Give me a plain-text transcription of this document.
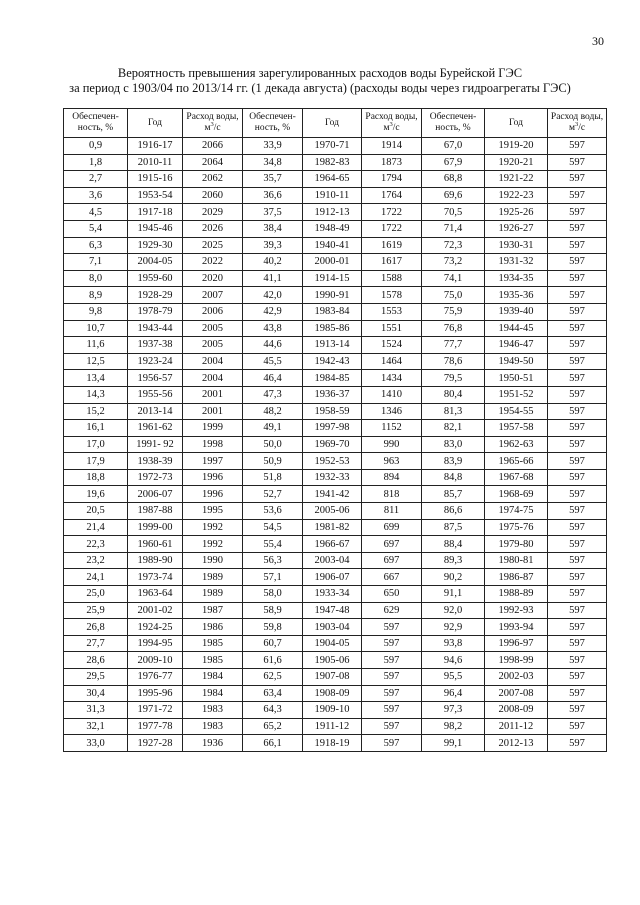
30
Вероятность превышения зарегулированных расходов воды Бурейской ГЭС
за период с 1903/04 по 2013/14 гг. (1 декада августа) (расходы воды через гидроагрегаты ГЭС)
Обеспечен-ность, %	Год	Расход воды, $м^3/с$	Обеспечен-ность, %	Год	Расход воды, $м^3/с$	Обеспечен-ность, %	Год	Расход воды, $м^3/с$
0,9	1916-17	2066	33,9	1970-71	1914	67,0	1919-20	597
1,8	2010-11	2064	34,8	1982-83	1873	67,9	1920-21	597
2,7	1915-16	2062	35,7	1964-65	1794	68,8	1921-22	597
3,6	1953-54	2060	36,6	1910-11	1764	69,6	1922-23	597
4,5	1917-18	2029	37,5	1912-13	1722	70,5	1925-26	597
5,4	1945-46	2026	38,4	1948-49	1722	71,4	1926-27	597
6,3	1929-30	2025	39,3	1940-41	1619	72,3	1930-31	597
7,1	2004-05	2022	40,2	2000-01	1617	73,2	1931-32	597
8,0	1959-60	2020	41,1	1914-15	1588	74,1	1934-35	597
8,9	1928-29	2007	42,0	1990-91	1578	75,0	1935-36	597
9,8	1978-79	2006	42,9	1983-84	1553	75,9	1939-40	597
10,7	1943-44	2005	43,8	1985-86	1551	76,8	1944-45	597
11,6	1937-38	2005	44,6	1913-14	1524	77,7	1946-47	597
12,5	1923-24	2004	45,5	1942-43	1464	78,6	1949-50	597
13,4	1956-57	2004	46,4	1984-85	1434	79,5	1950-51	597
14,3	1955-56	2001	47,3	1936-37	1410	80,4	1951-52	597
15,2	2013-14	2001	48,2	1958-59	1346	81,3	1954-55	597
16,1	1961-62	1999	49,1	1997-98	1152	82,1	1957-58	597
17,0	1991- 92	1998	50,0	1969-70	990	83,0	1962-63	597
17,9	1938-39	1997	50,9	1952-53	963	83,9	1965-66	597
18,8	1972-73	1996	51,8	1932-33	894	84,8	1967-68	597
19,6	2006-07	1996	52,7	1941-42	818	85,7	1968-69	597
20,5	1987-88	1995	53,6	2005-06	811	86,6	1974-75	597
21,4	1999-00	1992	54,5	1981-82	699	87,5	1975-76	597
22,3	1960-61	1992	55,4	1966-67	697	88,4	1979-80	597
23,2	1989-90	1990	56,3	2003-04	697	89,3	1980-81	597
24,1	1973-74	1989	57,1	1906-07	667	90,2	1986-87	597
25,0	1963-64	1989	58,0	1933-34	650	91,1	1988-89	597
25,9	2001-02	1987	58,9	1947-48	629	92,0	1992-93	597
26,8	1924-25	1986	59,8	1903-04	597	92,9	1993-94	597
27,7	1994-95	1985	60,7	1904-05	597	93,8	1996-97	597
28,6	2009-10	1985	61,6	1905-06	597	94,6	1998-99	597
29,5	1976-77	1984	62,5	1907-08	597	95,5	2002-03	597
30,4	1995-96	1984	63,4	1908-09	597	96,4	2007-08	597
31,3	1971-72	1983	64,3	1909-10	597	97,3	2008-09	597
32,1	1977-78	1983	65,2	1911-12	597	98,2	2011-12	597
33,0	1927-28	1936	66,1	1918-19	597	99,1	2012-13	597
